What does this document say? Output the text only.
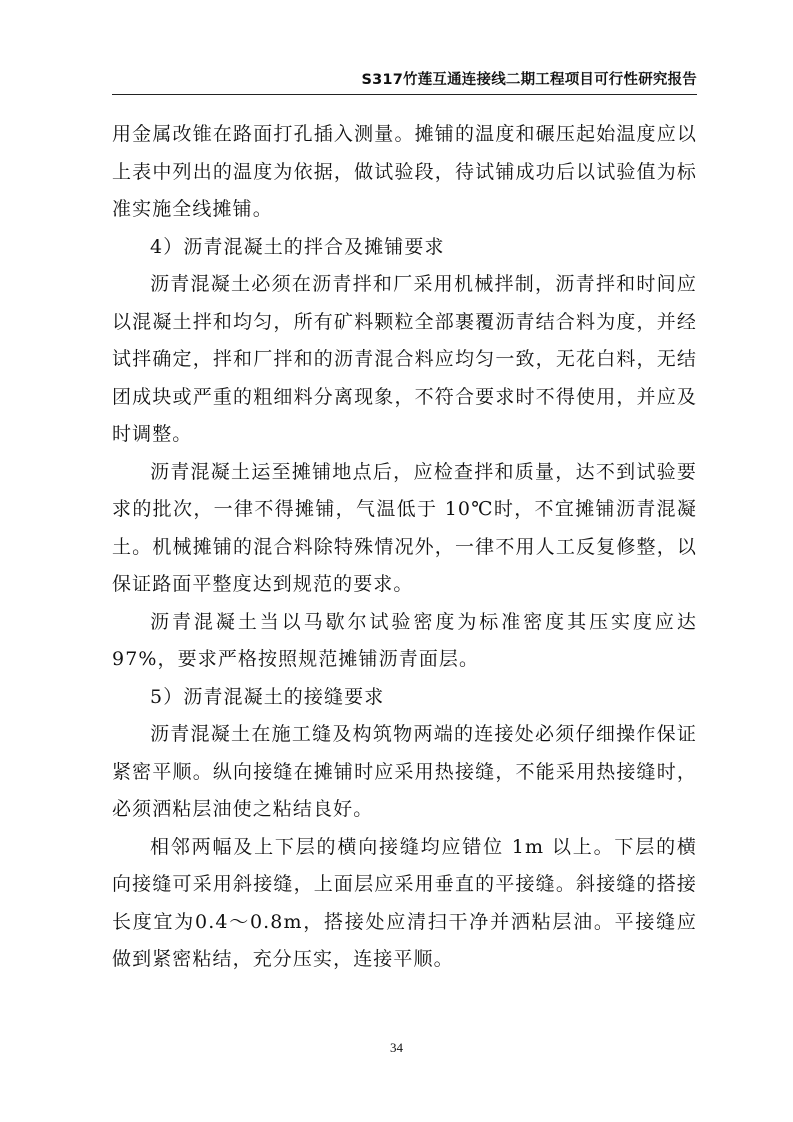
S317竹莲互通连接线二期工程项目可行性研究报告

用金属改锥在路面打孔插入测量。摊铺的温度和碾压起始温度应以上表中列出的温度为依据，做试验段，待试铺成功后以试验值为标准实施全线摊铺。

4）沥青混凝土的拌合及摊铺要求

沥青混凝土必须在沥青拌和厂采用机械拌制，沥青拌和时间应以混凝土拌和均匀，所有矿料颗粒全部裹覆沥青结合料为度，并经试拌确定，拌和厂拌和的沥青混合料应均匀一致，无花白料，无结团成块或严重的粗细料分离现象，不符合要求时不得使用，并应及时调整。

沥青混凝土运至摊铺地点后，应检查拌和质量，达不到试验要求的批次，一律不得摊铺，气温低于 10℃时，不宜摊铺沥青混凝土。机械摊铺的混合料除特殊情况外，一律不用人工反复修整，以保证路面平整度达到规范的要求。

沥青混凝土当以马歇尔试验密度为标准密度其压实度应达 97%，要求严格按照规范摊铺沥青面层。

5）沥青混凝土的接缝要求

沥青混凝土在施工缝及构筑物两端的连接处必须仔细操作保证紧密平顺。纵向接缝在摊铺时应采用热接缝，不能采用热接缝时，必须洒粘层油使之粘结良好。

相邻两幅及上下层的横向接缝均应错位 1m 以上。下层的横向接缝可采用斜接缝，上面层应采用垂直的平接缝。斜接缝的搭接长度宜为0.4～0.8m，搭接处应清扫干净并洒粘层油。平接缝应做到紧密粘结，充分压实，连接平顺。

34
